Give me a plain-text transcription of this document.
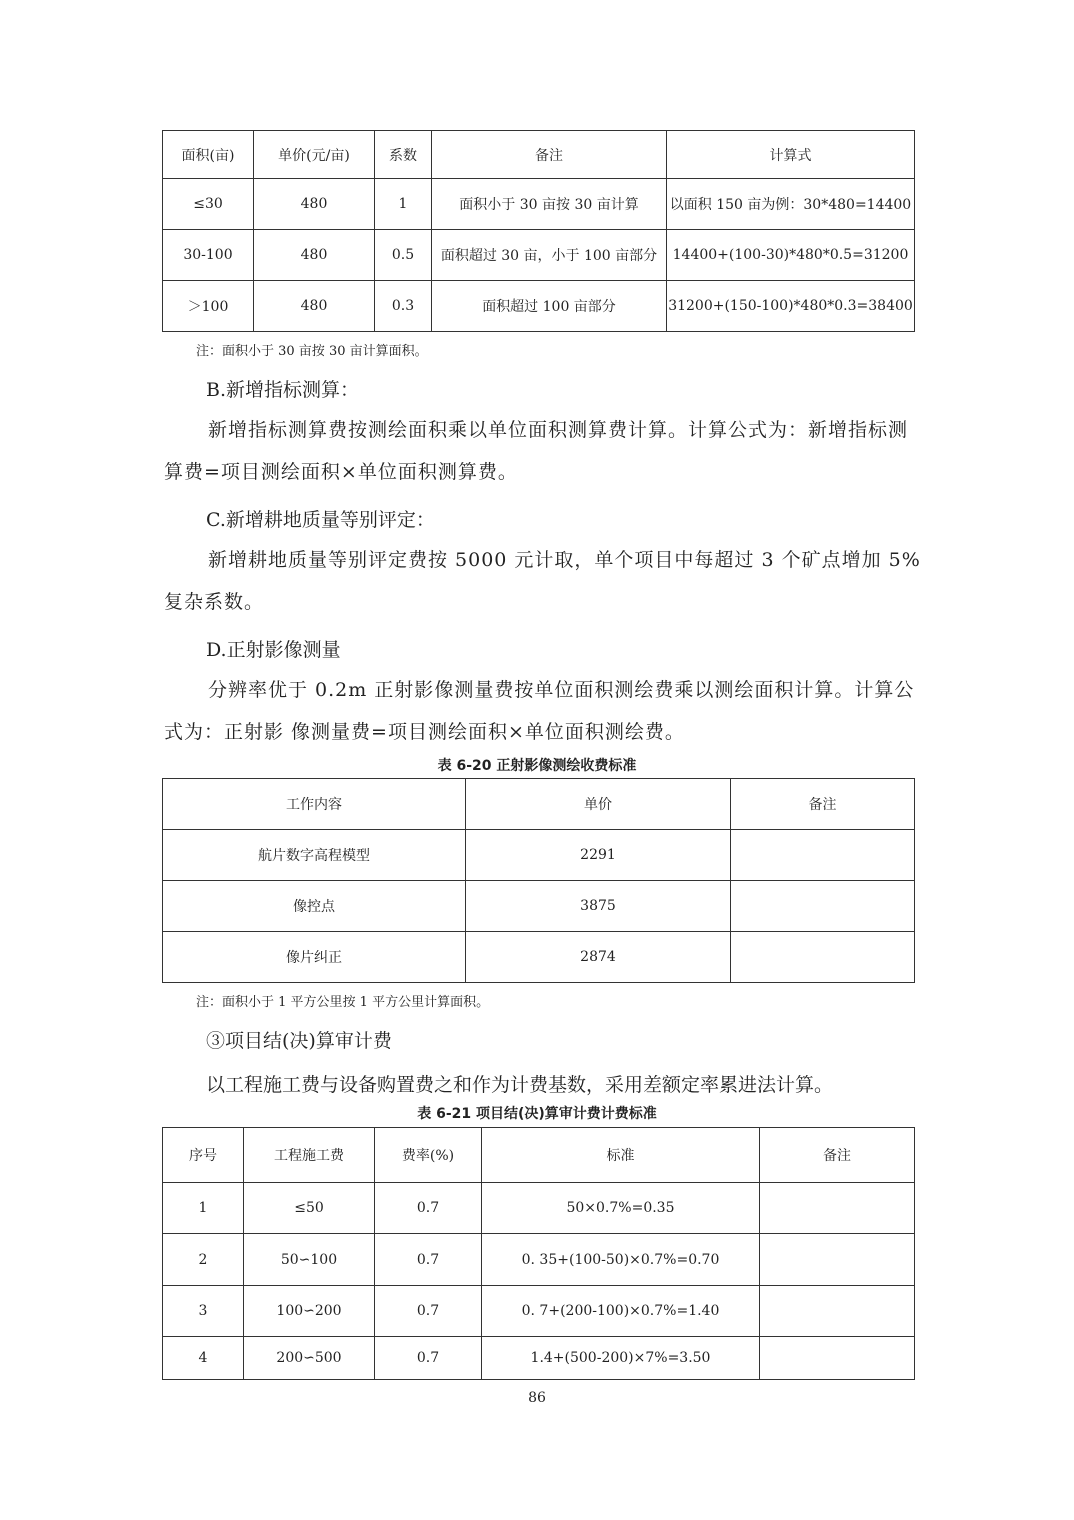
面积(亩)	单价(元/亩)	系数	备注	计算式
≤30	480	1	面积小于 30 亩按 30 亩计算	以面积 150 亩为例：30*480=14400
30-100	480	0.5	面积超过 30 亩，小于 100 亩部分	14400+(100-30)*480*0.5=31200
＞100	480	0.3	面积超过 100 亩部分	31200+(150-100)*480*0.3=38400
注：面积小于 30 亩按 30 亩计算面积。
B.新增指标测算：
新增指标测算费按测绘面积乘以单位面积测算费计算。计算公式为：新增指标测算费=项目测绘面积×单位面积测算费。
C.新增耕地质量等别评定：
新增耕地质量等别评定费按 5000 元计取，单个项目中每超过 3 个矿点增加 5%复杂系数。
D.正射影像测量
分辨率优于 0.2m 正射影像测量费按单位面积测绘费乘以测绘面积计算。计算公式为：正射影 像测量费=项目测绘面积×单位面积测绘费。
表 6-20 正射影像测绘收费标准
工作内容	单价	备注
航片数字高程模型	2291	
像控点	3875	
像片纠正	2874	
注：面积小于 1 平方公里按 1 平方公里计算面积。
③项目结(决)算审计费
以工程施工费与设备购置费之和作为计费基数，采用差额定率累进法计算。
表 6-21 项目结(决)算审计费计费标准
序号	工程施工费	费率(%)	标准	备注
1	≤50	0.7	50×0.7%=0.35	
2	50∽100	0.7	0. 35+(100-50)×0.7%=0.70	
3	100∽200	0.7	0. 7+(200-100)×0.7%=1.40	
4	200∽500	0.7	1.4+(500-200)×7%=3.50	
86
